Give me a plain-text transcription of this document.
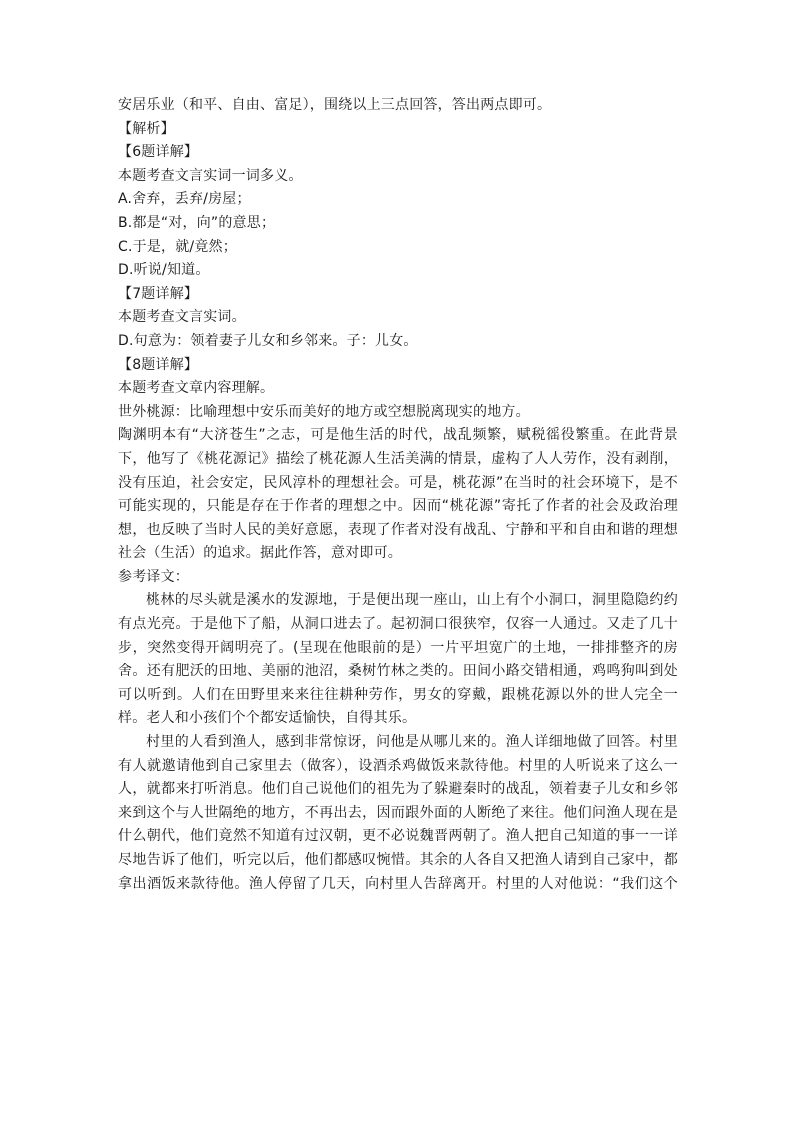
安居乐业（和平、自由、富足），围绕以上三点回答，答出两点即可。
【解析】
【6题详解】
本题考查文言实词一词多义。
A.舍弃，丢弃/房屋；
B.都是“对，向”的意思；
C.于是，就/竟然；
D.听说/知道。
【7题详解】
本题考查文言实词。
D.句意为：领着妻子儿女和乡邻来。子：儿女。
【8题详解】
本题考查文章内容理解。
世外桃源：比喻理想中安乐而美好的地方或空想脱离现实的地方。
陶渊明本有“大济苍生”之志，可是他生活的时代，战乱频繁，赋税徭役繁重。在此背景
下，他写了《桃花源记》描绘了桃花源人生活美满的情景，虚构了人人劳作，没有剥削，
没有压迫，社会安定，民风淳朴的理想社会。可是，桃花源”在当时的社会环境下，是不
可能实现的，只能是存在于作者的理想之中。因而“桃花源”寄托了作者的社会及政治理
想，也反映了当时人民的美好意愿，表现了作者对没有战乱、宁静和平和自由和谐的理想
社会（生活）的追求。据此作答，意对即可。
参考译文：
桃林的尽头就是溪水的发源地，于是便出现一座山，山上有个小洞口，洞里隐隐约约
有点光亮。于是他下了船，从洞口进去了。起初洞口很狭窄，仅容一人通过。又走了几十
步，突然变得开阔明亮了。(呈现在他眼前的是）一片平坦宽广的土地，一排排整齐的房
舍。还有肥沃的田地、美丽的池沼，桑树竹林之类的。田间小路交错相通，鸡鸣狗叫到处
可以听到。人们在田野里来来往往耕种劳作，男女的穿戴，跟桃花源以外的世人完全一
样。老人和小孩们个个都安适愉快，自得其乐。
村里的人看到渔人，感到非常惊讶，问他是从哪儿来的。渔人详细地做了回答。村里
有人就邀请他到自己家里去（做客），设酒杀鸡做饭来款待他。村里的人听说来了这么一
人，就都来打听消息。他们自己说他们的祖先为了躲避秦时的战乱，领着妻子儿女和乡邻
来到这个与人世隔绝的地方，不再出去，因而跟外面的人断绝了来往。他们问渔人现在是
什么朝代，他们竟然不知道有过汉朝，更不必说魏晋两朝了。渔人把自己知道的事一一详
尽地告诉了他们，听完以后，他们都感叹惋惜。其余的人各自又把渔人请到自己家中，都
拿出酒饭来款待他。渔人停留了几天，向村里人告辞离开。村里的人对他说：“我们这个
